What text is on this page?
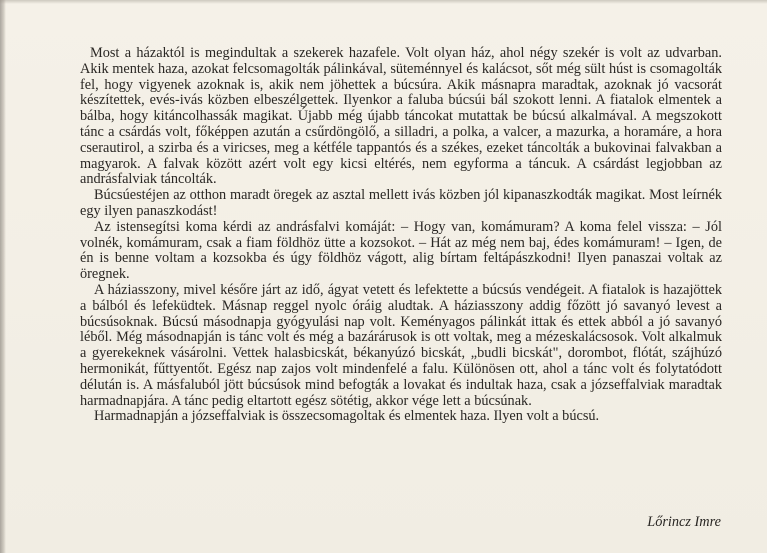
Most a házaktól is megindultak a szekerek hazafele. Volt olyan ház, ahol négy szekér is volt az udvarban. Akik mentek haza, azokat felcsomagolták pálinkával, süteménnyel és kalácsot, sőt még sült húst is csomagolták fel, hogy vigyenek azoknak is, akik nem jöhettek a búcsúra. Akik másnapra maradtak, azoknak jó vacsorát készítettek, evés-ivás közben elbeszélgettek. Ilyenkor a faluba búcsúi bál szokott lenni. A fiatalok elmentek a bálba, hogy kitáncolhassák magikat. Újabb még újabb táncokat mutattak be búcsú alkalmával. A megszokott tánc a csárdás volt, főképpen azután a csűrdöngölő, a silladri, a polka, a valcer, a mazurka, a horamáre, a hora cserautirol, a szirba és a viricses, meg a kétféle tappantós és a székes, ezeket táncolták a bukovinai falvakban a magyarok. A falvak között azért volt egy kicsi eltérés, nem egyforma a táncuk. A csárdást legjobban az andrásfalviak táncolták.

Búcsúestéjen az otthon maradt öregek az asztal mellett ivás közben jól kipanaszkodták magikat. Most leírnék egy ilyen panaszkodást!

Az istensegítsi koma kérdi az andrásfalvi komáját: – Hogy van, komámuram? A koma felel vissza: – Jól volnék, komámuram, csak a fiam földhöz ütte a kozsokot. – Hát az még nem baj, édes komámuram! – Igen, de én is benne voltam a kozsokba és úgy földhöz vágott, alig bírtam feltápászkodni! Ilyen panaszai voltak az öregnek.

A háziasszony, mivel későre járt az idő, ágyat vetett és lefektette a búcsús vendégeit. A fiatalok is hazajöttek a bálból és lefeküdtek. Másnap reggel nyolc óráig aludtak. A háziasszony addig főzött jó savanyó levest a búcsúsoknak. Búcsú másodnapja gyógyulási nap volt. Keményagos pálinkát ittak és ettek abból a jó savanyó léből. Még másodnapján is tánc volt és még a bazárárusok is ott voltak, meg a mézeskalácsosok. Volt alkalmuk a gyerekeknek vásárolni. Vettek halasbicskát, békanyúzó bicskát, „budli bicskát", dorombot, flótát, szájhúzó hermonikát, fűttyentőt. Egész nap zajos volt mindenfelé a falu. Különösen ott, ahol a tánc volt és folytatódott délután is. A másfaluból jött búcsúsok mind befogták a lovakat és indultak haza, csak a józseffalviak maradtak harmadnapjára. A tánc pedig eltartott egész sötétig, akkor vége lett a búcsúnak.

Harmadnapján a józseffalviak is összecsomagoltak és elmentek haza. Ilyen volt a búcsú.

Lőrincz Imre
